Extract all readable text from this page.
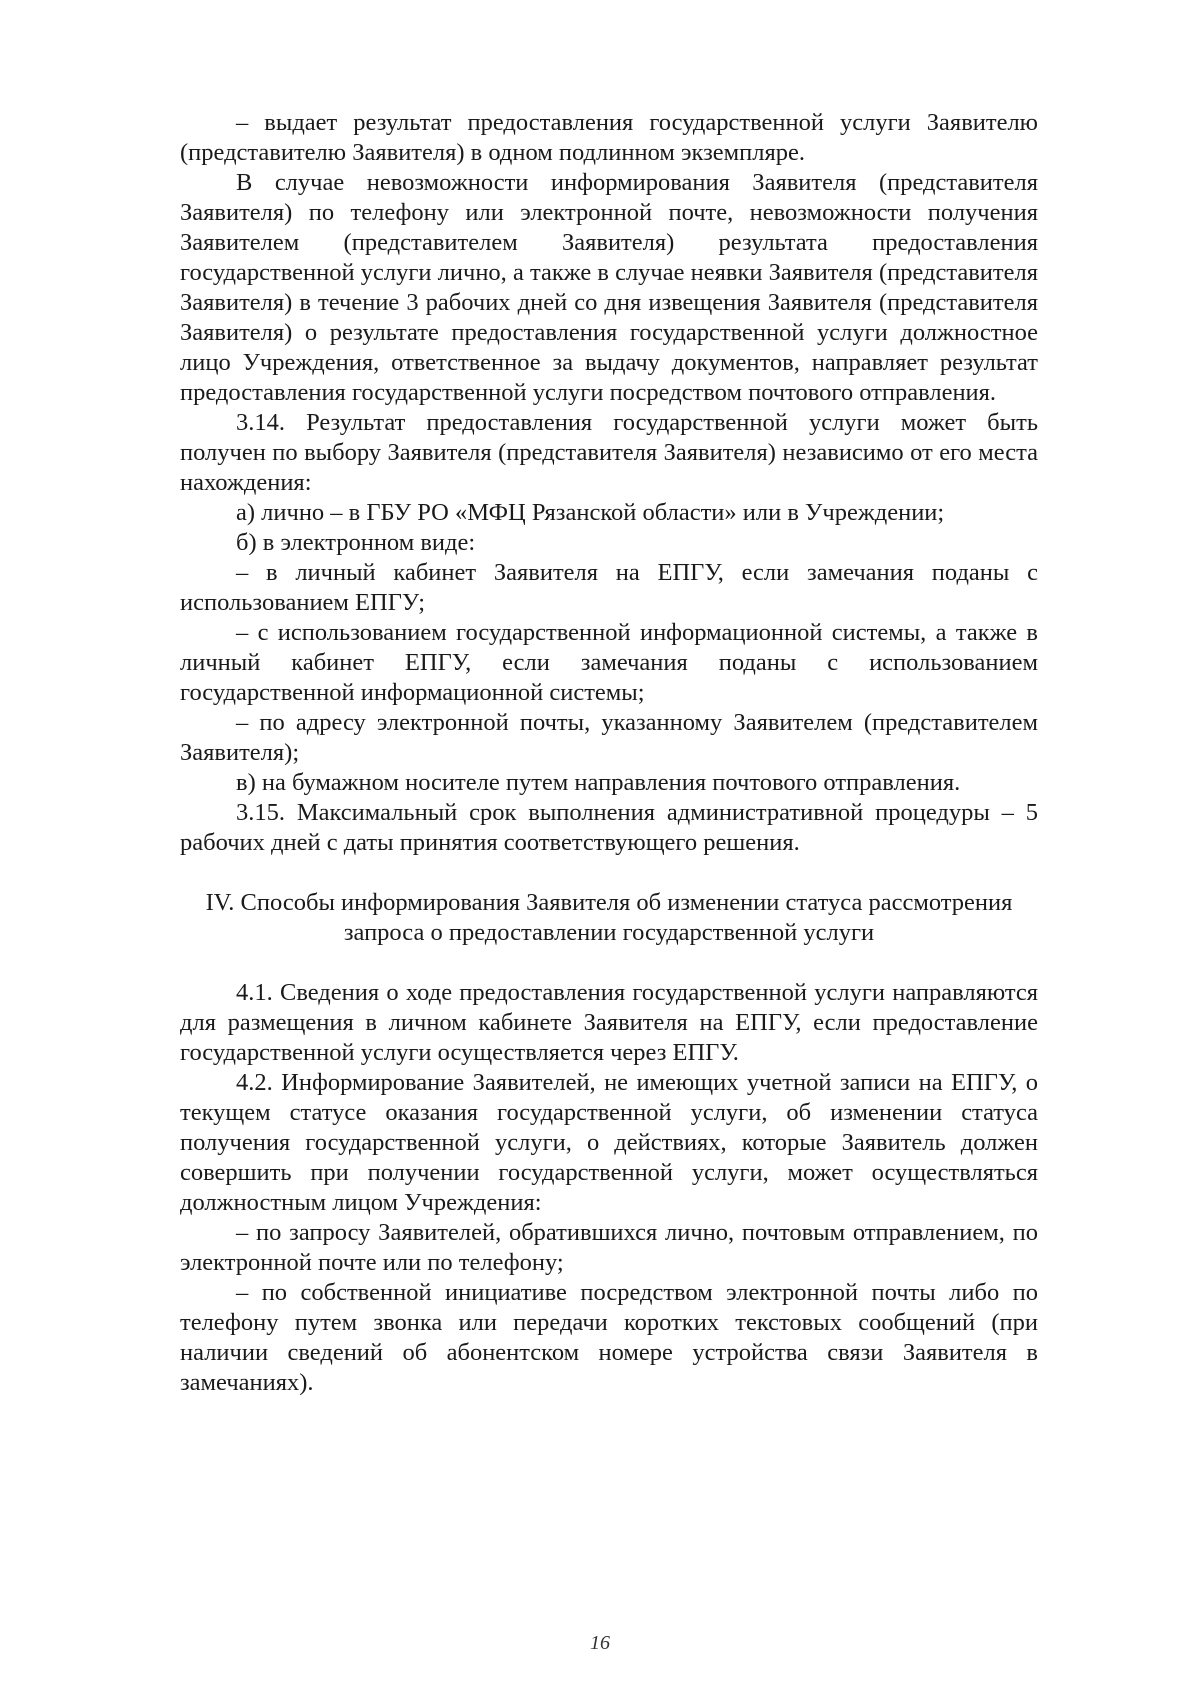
– выдает результат предоставления государственной услуги Заявителю (представителю Заявителя) в одном подлинном экземпляре.

В случае невозможности информирования Заявителя (представителя Заявителя) по телефону или электронной почте, невозможности получения Заявителем (представителем Заявителя) результата предоставления государственной услуги лично, а также в случае неявки Заявителя (представителя Заявителя) в течение 3 рабочих дней со дня извещения Заявителя (представителя Заявителя) о результате предоставления государственной услуги должностное лицо Учреждения, ответственное за выдачу документов, направляет результат предоставления государственной услуги посредством почтового отправления.

3.14. Результат предоставления государственной услуги может быть получен по выбору Заявителя (представителя Заявителя) независимо от его места нахождения:

а) лично – в ГБУ РО «МФЦ Рязанской области» или в Учреждении;

б) в электронном виде:

– в личный кабинет Заявителя на ЕПГУ, если замечания поданы с использованием ЕПГУ;

– с использованием государственной информационной системы, а также в личный кабинет ЕПГУ, если замечания поданы с использованием государственной информационной системы;

– по адресу электронной почты, указанному Заявителем (представителем Заявителя);

в) на бумажном носителе путем направления почтового отправления.

3.15. Максимальный срок выполнения административной процедуры – 5 рабочих дней с даты принятия соответствующего решения.

IV. Способы информирования Заявителя об изменении статуса рассмотрения
запроса о предоставлении государственной услуги

4.1. Сведения о ходе предоставления государственной услуги направляются для размещения в личном кабинете Заявителя на ЕПГУ, если предоставление государственной услуги осуществляется через ЕПГУ.

4.2. Информирование Заявителей, не имеющих учетной записи на ЕПГУ, о текущем статусе оказания государственной услуги, об изменении статуса получения государственной услуги, о действиях, которые Заявитель должен совершить при получении государственной услуги, может осуществляться должностным лицом Учреждения:

– по запросу Заявителей, обратившихся лично, почтовым отправлением, по электронной почте или по телефону;

– по собственной инициативе посредством электронной почты либо по телефону путем звонка или передачи коротких текстовых сообщений (при наличии сведений об абонентском номере устройства связи Заявителя в замечаниях).

16
